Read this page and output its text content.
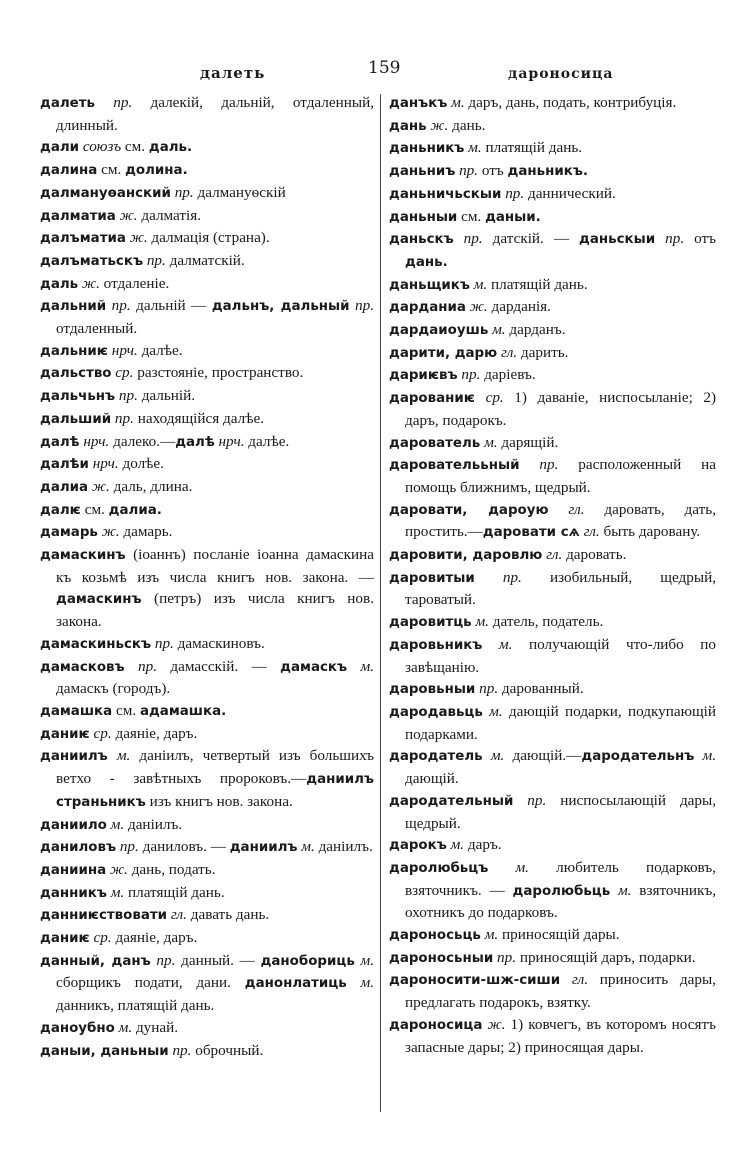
далеть	159	дароносица

далеть пр. далекій, дальній, отдаленный, длинный.

дали союзъ см. даль.

далина см. долина.

далмануѳанский пр. далмануѳскій

далматиа ж. далматія.

далъматиа ж. далмація (страна).

далъматьскъ пр. далматскій.

даль ж. отдаленіе.

дальний пр. дальній — дальнъ, дальный пр. отдаленный.

дальниѥ нрч. далѣе.

дальство ср. разстояніе, пространство.

дальчьнъ пр. дальній.

дальший пр. находящійся далѣе.

далѣ нрч. далеко.—далѣ нрч. далѣе.

далѣи нрч. долѣе.

далиа ж. даль, длина.

далѥ см. далиа.

дамарь ж. дамарь.

дамаскинъ (іоаннъ) посланіе іоанна дамаскина къ козьмѣ изъ числа книгъ нов. закона. — дамаскинъ (петръ) изъ числа книгъ нов. закона.

дамаскиньскъ пр. дамаскиновъ.

дамасковъ пр. дамасскій. — дамаскъ м. дамаскъ (городъ).

дамашка см. адамашка.

даниѥ ср. даяніе, даръ.

даниилъ м. даніилъ, четвертый изъ большихъ ветхо - завѣтныхъ пророковъ.—даниилъ страньникъ изъ книгъ нов. закона.

даниило м. даніилъ.

даниловъ пр. даниловъ. — даниилъ м. даніилъ.

даниина ж. дань, подать.

данникъ м. платящій дань.

данниѥствовати гл. давать дань.

даниѥ ср. даяніе, даръ.

данный, данъ пр. данный. — данобориць м. сборщикъ подати, дани. данонлатиць м. данникъ, платящій дань.

даноубно м. дунай.

даныи, даньныи пр. оброчный.

данъкъ м. даръ, дань, подать, контрибуція.

дань ж. дань.

даньникъ м. платящій дань.

даньниъ пр. отъ даньникъ.

даньничьскыи пр. даннический.

даньныи см. даныи.

даньскъ пр. датскій. — даньскыи пр. отъ дань.

даньщикъ м. платящій дань.

дарданиа ж. дарданія.

дардаиоушь м. дарданъ.

дарити, дарю гл. дарить.

дариѥвъ пр. даріевъ.

дарованиѥ ср. 1) даваніе, ниспосыланіе; 2) даръ, подарокъ.

дарователь м. дарящій.

дарователььный пр. расположенный на помощь ближнимъ, щедрый.

даровати, дароую гл. даровать, дать, простить.—даровати сѧ гл. быть даровану.

даровити, дарoвлю гл. даровать.

даровитыи пр. изобильный, щедрый, тароватый.

даровитць м. датель, податель.

даровьникъ м. получающій что-либо по завѣщанію.

даровьныи пр. дарованный.

дародавьць м. дающій подарки, подкупающій подарками.

дародатель м. дающій.—дародательнъ м. дающій.

дародательный пр. ниспосылающій дары, щедрый.

дарокъ м. даръ.

даролюбьцъ м. любитель подарковъ, взяточникъ. — даролюбьць м. взяточникъ, охотникъ до подарковъ.

дароносьць м. приносящій дары.

дароносьныи пр. приносящій даръ, подарки.

дароносити-шж-сиши гл. приносить дары, предлагать подарокъ, взятку.

дароносица ж. 1) ковчегъ, въ которомъ носятъ запасные дары; 2) приносящая дары.
